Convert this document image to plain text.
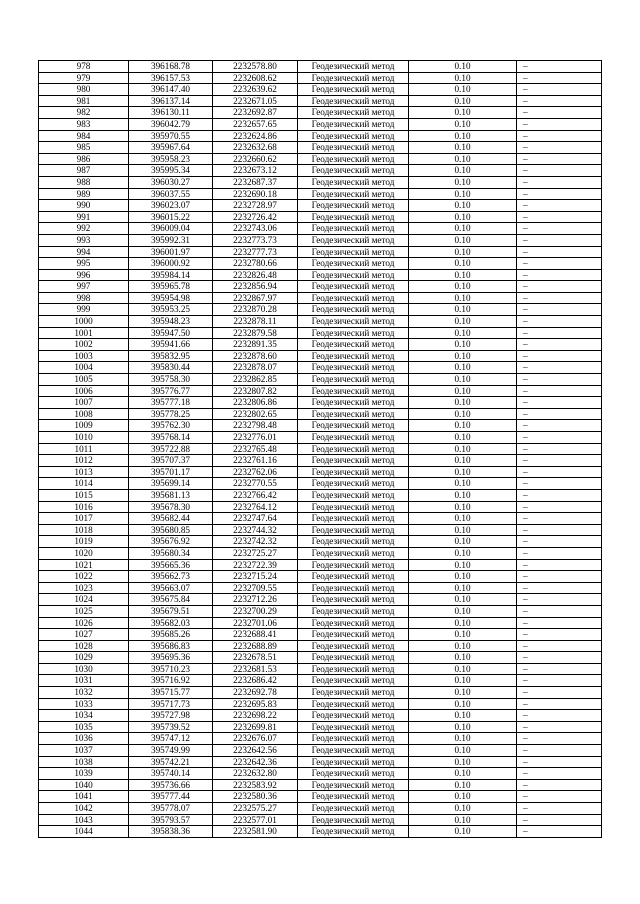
978	396168.78	2232578.80	Геодезический метод	0.10	–
979	396157.53	2232608.62	Геодезический метод	0.10	–
980	396147.40	2232639.62	Геодезический метод	0.10	–
981	396137.14	2232671.05	Геодезический метод	0.10	–
982	396130.11	2232692.87	Геодезический метод	0.10	–
983	396042.79	2232657.65	Геодезический метод	0.10	–
984	395970.55	2232624.86	Геодезический метод	0.10	–
985	395967.64	2232632.68	Геодезический метод	0.10	–
986	395958.23	2232660.62	Геодезический метод	0.10	–
987	395995.34	2232673.12	Геодезический метод	0.10	–
988	396030.27	2232687.37	Геодезический метод	0.10	–
989	396037.55	2232690.18	Геодезический метод	0.10	–
990	396023.07	2232728.97	Геодезический метод	0.10	–
991	396015.22	2232726.42	Геодезический метод	0.10	–
992	396009.04	2232743.06	Геодезический метод	0.10	–
993	395992.31	2232773.73	Геодезический метод	0.10	–
994	396001.97	2232777.73	Геодезический метод	0.10	–
995	396000.92	2232780.66	Геодезический метод	0.10	–
996	395984.14	2232826.48	Геодезический метод	0.10	–
997	395965.78	2232856.94	Геодезический метод	0.10	–
998	395954.98	2232867.97	Геодезический метод	0.10	–
999	395953.25	2232870.28	Геодезический метод	0.10	–
1000	395948.23	2232878.11	Геодезический метод	0.10	–
1001	395947.50	2232879.58	Геодезический метод	0.10	–
1002	395941.66	2232891.35	Геодезический метод	0.10	–
1003	395832.95	2232878.60	Геодезический метод	0.10	–
1004	395830.44	2232878.07	Геодезический метод	0.10	–
1005	395758.30	2232862.85	Геодезический метод	0.10	–
1006	395776.77	2232807.82	Геодезический метод	0.10	–
1007	395777.18	2232806.86	Геодезический метод	0.10	–
1008	395778.25	2232802.65	Геодезический метод	0.10	–
1009	395762.30	2232798.48	Геодезический метод	0.10	–
1010	395768.14	2232776.01	Геодезический метод	0.10	–
1011	395722.88	2232765.48	Геодезический метод	0.10	–
1012	395707.37	2232761.16	Геодезический метод	0.10	–
1013	395701.17	2232762.06	Геодезический метод	0.10	–
1014	395699.14	2232770.55	Геодезический метод	0.10	–
1015	395681.13	2232766.42	Геодезический метод	0.10	–
1016	395678.30	2232764.12	Геодезический метод	0.10	–
1017	395682.44	2232747.64	Геодезический метод	0.10	–
1018	395680.85	2232744.32	Геодезический метод	0.10	–
1019	395676.92	2232742.32	Геодезический метод	0.10	–
1020	395680.34	2232725.27	Геодезический метод	0.10	–
1021	395665.36	2232722.39	Геодезический метод	0.10	–
1022	395662.73	2232715.24	Геодезический метод	0.10	–
1023	395663.07	2232709.55	Геодезический метод	0.10	–
1024	395675.84	2232712.26	Геодезический метод	0.10	–
1025	395679.51	2232700.29	Геодезический метод	0.10	–
1026	395682.03	2232701.06	Геодезический метод	0.10	–
1027	395685.26	2232688.41	Геодезический метод	0.10	–
1028	395686.83	2232688.89	Геодезический метод	0.10	–
1029	395695.36	2232678.51	Геодезический метод	0.10	–
1030	395710.23	2232681.53	Геодезический метод	0.10	–
1031	395716.92	2232686.42	Геодезический метод	0.10	–
1032	395715.77	2232692.78	Геодезический метод	0.10	–
1033	395717.73	2232695.83	Геодезический метод	0.10	–
1034	395727.98	2232698.22	Геодезический метод	0.10	–
1035	395739.52	2232699.81	Геодезический метод	0.10	–
1036	395747.12	2232676.07	Геодезический метод	0.10	–
1037	395749.99	2232642.56	Геодезический метод	0.10	–
1038	395742.21	2232642.36	Геодезический метод	0.10	–
1039	395740.14	2232632.80	Геодезический метод	0.10	–
1040	395736.66	2232583.92	Геодезический метод	0.10	–
1041	395777.44	2232580.36	Геодезический метод	0.10	–
1042	395778.07	2232575.27	Геодезический метод	0.10	–
1043	395793.57	2232577.01	Геодезический метод	0.10	–
1044	395838.36	2232581.90	Геодезический метод	0.10	–
